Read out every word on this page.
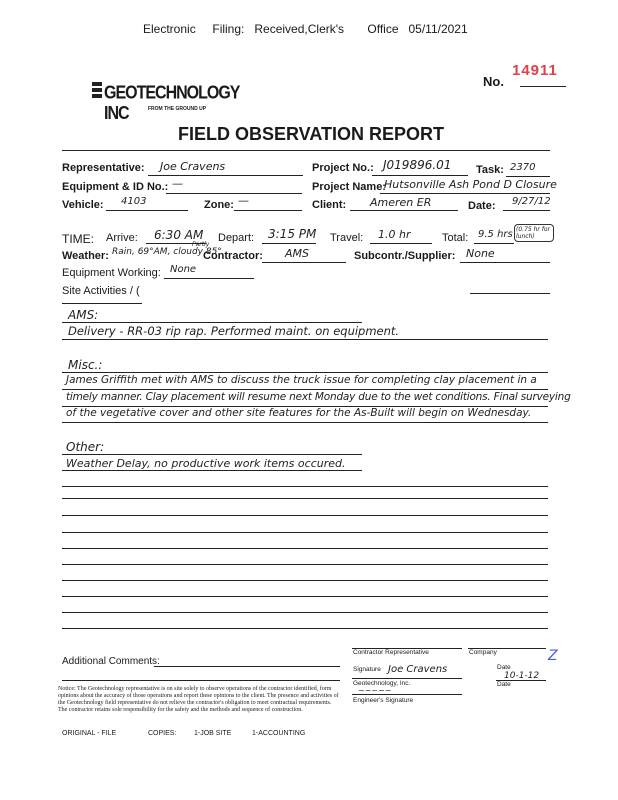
Electronic     Filing:   Received,Clerk's       Office   05/11/2021
No.
14911
GEOTECHNOLOGY INC	FROM THE GROUND UP
FIELD OBSERVATION REPORT
Representative: Joe Cravens	Project No.: J019896.01 Task: 2370
Equipment & ID No.: —	Project Name:
Hutsonville Ash Pond D Closure
Vehicle: 4103	Zone: —	Client: Ameren ER	Date: 9/27/12
TIME: Arrive: 6:30 AM Depart: 3:15 PM Travel: 1.0 hr	Total: 9.5 hrs (0.75 hr for lunch)
Weather:
Partly
Rain, 69°AM, cloudy 85°
Contractor: AMS	Subcontr./Supplier: None
Equipment Working: None
Site Activities / (
AMS:
Delivery - RR-03 rip rap. Performed maint. on equipment.
Misc.:
James Griffith met with AMS to discuss the truck issue for completing clay placement in a
timely manner. Clay placement will resume next Monday due to the wet conditions. Final surveying
of the vegetative cover and other site features for the As-Built will begin on Wednesday.
Other:
Weather Delay, no productive work items occured.
Additional Comments:
Contractor Representative	Company	Z
Signature Joe Cravens	Date
10-1-12
Geotechnology, Inc.
~~~~~
Engineer's Signature
Date
Notice: The Geotechnology representative is on site solely to observe operations of the contractor identified, form opinions about the accuracy of those operations and report these opinions to the client. The presence and activities of the Geotechnology field representative do not relieve the contractor's obligation to meet contractual requirements. The contractor retains sole responsibility for the safety and the methods and sequence of construction.
ORIGINAL - FILE	COPIES:	1-JOB SITE	1-ACCOUNTING
